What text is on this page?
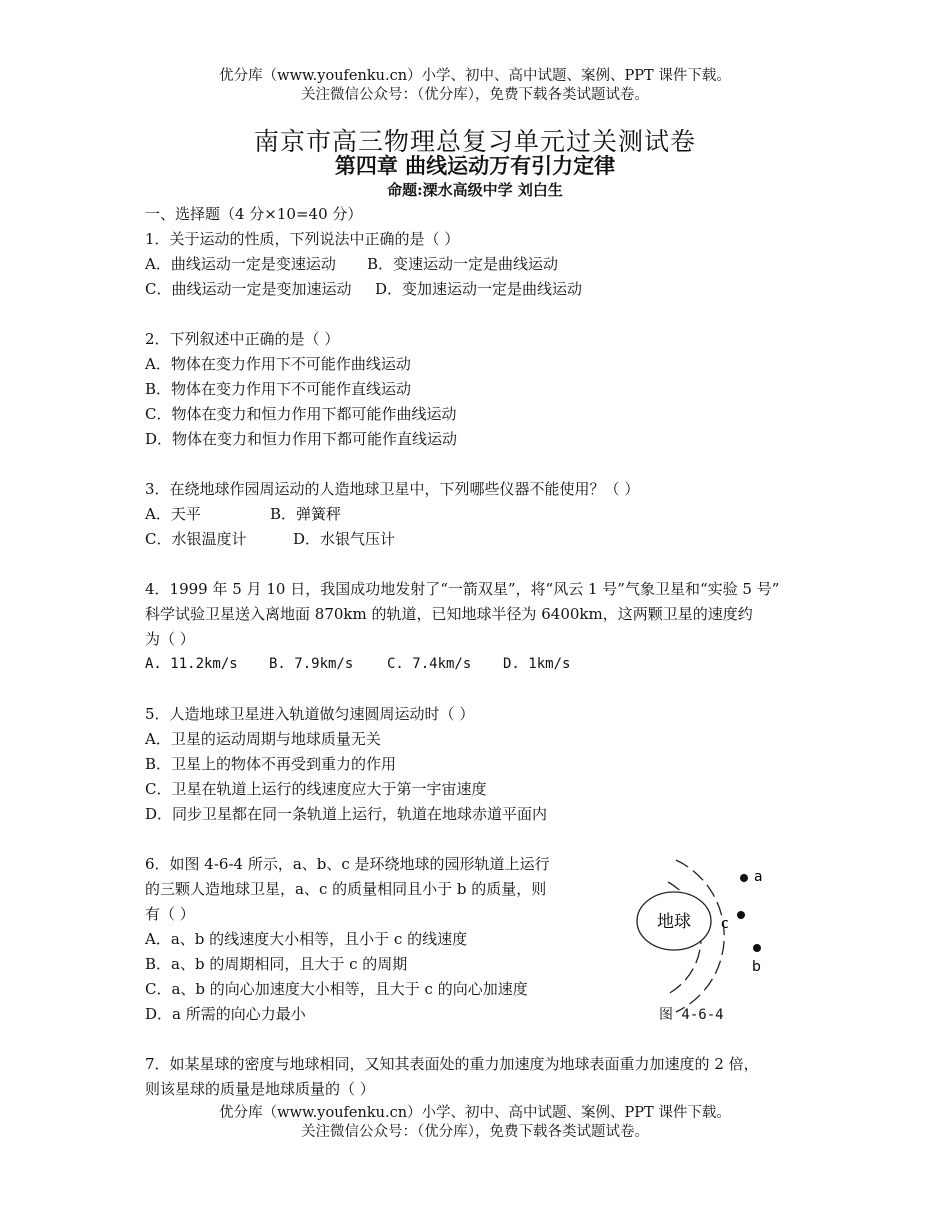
优分库（www.youfenku.cn）小学、初中、高中试题、案例、PPT 课件下载。
关注微信公众号：（优分库），免费下载各类试题试卷。
南京市高三物理总复习单元过关测试卷
第四章 曲线运动万有引力定律
命题:溧水高级中学 刘白生
一、选择题（4 分×10=40 分）
1．关于运动的性质，下列说法中正确的是（ ）
A．曲线运动一定是变速运动 B．变速运动一定是曲线运动
C．曲线运动一定是变加速运动 D．变加速运动一定是曲线运动
2．下列叙述中正确的是（ ）
A．物体在变力作用下不可能作曲线运动
B．物体在变力作用下不可能作直线运动
C．物体在变力和恒力作用下都可能作曲线运动
D．物体在变力和恒力作用下都可能作直线运动
3．在绕地球作园周运动的人造地球卫星中，下列哪些仪器不能使用？（ ）
A．天平	B．弹簧秤
C．水银温度计	D．水银气压计
4．1999 年 5 月 10 日，我国成功地发射了“一箭双星”，将“风云 1 号”气象卫星和“实验 5 号”
科学试验卫星送入离地面 870km 的轨道，已知地球半径为 6400km，这两颗卫星的速度约
为（ ）
A. 11.2km/s B. 7.9km/s C. 7.4km/s D. 1km/s
5．人造地球卫星进入轨道做匀速圆周运动时（ ）
A．卫星的运动周期与地球质量无关
B．卫星上的物体不再受到重力的作用
C．卫星在轨道上运行的线速度应大于第一宇宙速度
D．同步卫星都在同一条轨道上运行，轨道在地球赤道平面内
6．如图 4-6-4 所示，a、b、c 是环绕地球的园形轨道上运行
的三颗人造地球卫星，a、c 的质量相同且小于 b 的质量，则
有（ ）
A．a、b 的线速度大小相等，且小于 c 的线速度
B．a、b 的周期相同，且大于 c 的周期
C．a、b 的向心加速度大小相等，且大于 c 的向心加速度
D．a 所需的向心力最小
7．如某星球的密度与地球相同，又知其表面处的重力加速度为地球表面重力加速度的 2 倍，
则该星球的质量是地球质量的（ ）
地球
a
c
b
图 4-6-4
优分库（www.youfenku.cn）小学、初中、高中试题、案例、PPT 课件下载。
关注微信公众号：（优分库），免费下载各类试题试卷。
